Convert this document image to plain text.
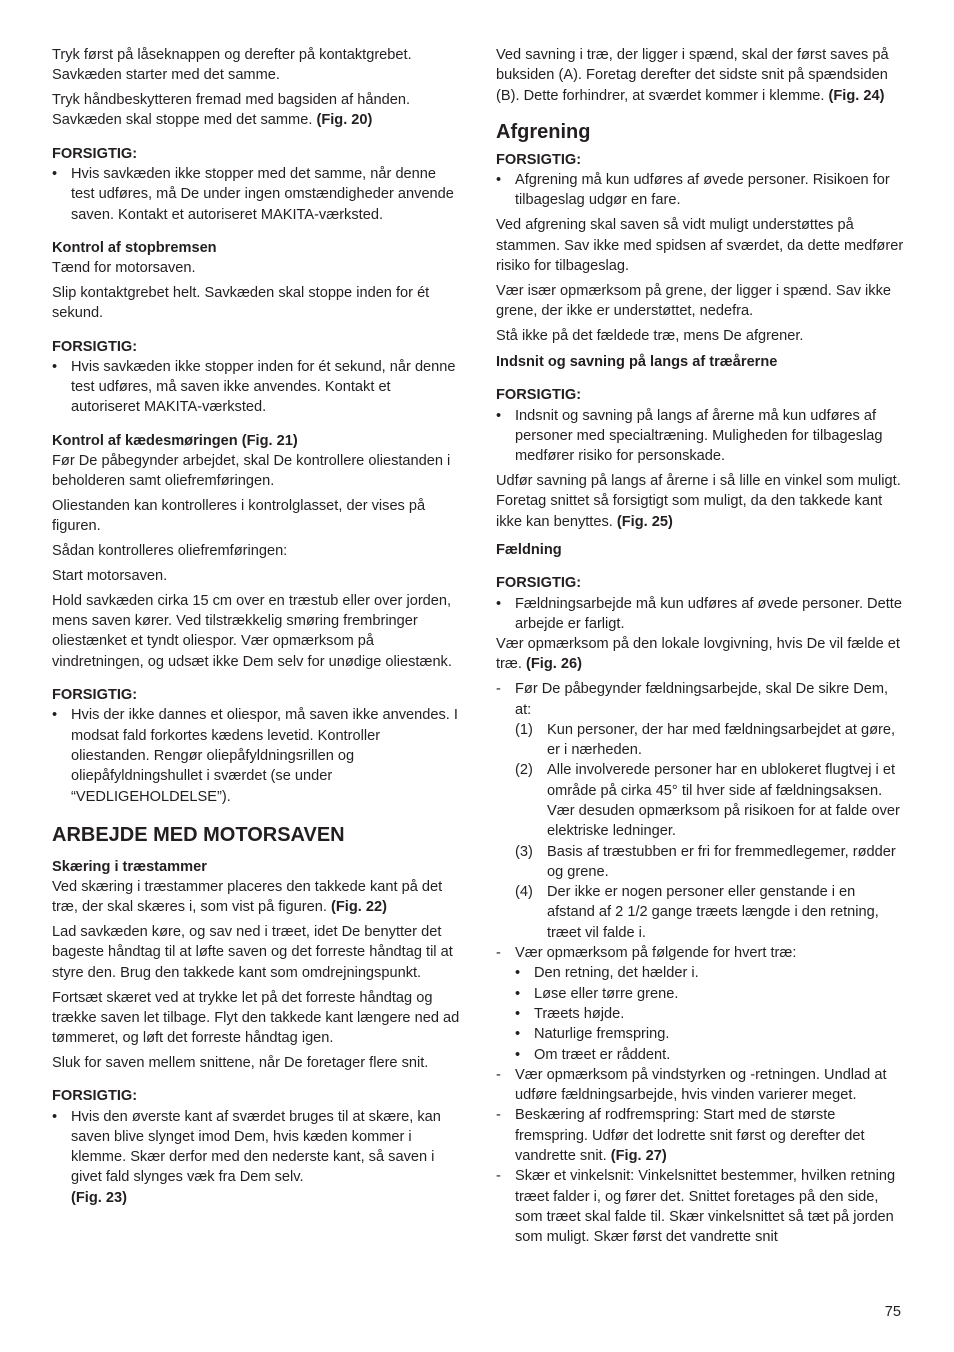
Tryk først på låseknappen og derefter på kontaktgrebet. Savkæden starter med det samme.

Tryk håndbeskytteren fremad med bagsiden af hånden. Savkæden skal stoppe med det samme. (Fig. 20)

FORSIGTIG:

• Hvis savkæden ikke stopper med det samme, når denne test udføres, må De under ingen omstændigheder anvende saven. Kontakt et autoriseret MAKITA-værksted.

Kontrol af stopbremsen

Tænd for motorsaven.

Slip kontaktgrebet helt. Savkæden skal stoppe inden for ét sekund.

FORSIGTIG:

• Hvis savkæden ikke stopper inden for ét sekund, når denne test udføres, må saven ikke anvendes. Kontakt et autoriseret MAKITA-værksted.

Kontrol af kædesmøringen (Fig. 21)

Før De påbegynder arbejdet, skal De kontrollere oliestanden i beholderen samt oliefremføringen.

Oliestanden kan kontrolleres i kontrolglasset, der vises på figuren.

Sådan kontrolleres oliefremføringen:

Start motorsaven.

Hold savkæden cirka 15 cm over en træstub eller over jorden, mens saven kører. Ved tilstrækkelig smøring frembringer oliestænket et tyndt oliespor. Vær opmærksom på vindretningen, og udsæt ikke Dem selv for unødige oliestænk.

FORSIGTIG:

• Hvis der ikke dannes et oliespor, må saven ikke anvendes. I modsat fald forkortes kædens levetid. Kontroller oliestanden. Rengør oliepåfyldningsrillen og oliepåfyldningshullet i sværdet (se under “VEDLIGEHOLDELSE”).

ARBEJDE MED MOTORSAVEN

Skæring i træstammer

Ved skæring i træstammer placeres den takkede kant på det træ, der skal skæres i, som vist på figuren. (Fig. 22)

Lad savkæden køre, og sav ned i træet, idet De benytter det bageste håndtag til at løfte saven og det forreste håndtag til at styre den. Brug den takkede kant som omdrejningspunkt.

Fortsæt skæret ved at trykke let på det forreste håndtag og trække saven let tilbage. Flyt den takkede kant længere ned ad tømmeret, og løft det forreste håndtag igen.

Sluk for saven mellem snittene, når De foretager flere snit.

FORSIGTIG:

• Hvis den øverste kant af sværdet bruges til at skære, kan saven blive slynget imod Dem, hvis kæden kommer i klemme. Skær derfor med den nederste kant, så saven i givet fald slynges væk fra Dem selv.
(Fig. 23)

Ved savning i træ, der ligger i spænd, skal der først saves på buksiden (A). Foretag derefter det sidste snit på spændsiden (B). Dette forhindrer, at sværdet kommer i klemme. (Fig. 24)

Afgrening

FORSIGTIG:

• Afgrening må kun udføres af øvede personer. Risikoen for tilbageslag udgør en fare.

Ved afgrening skal saven så vidt muligt understøttes på stammen. Sav ikke med spidsen af sværdet, da dette medfører risiko for tilbageslag.

Vær især opmærksom på grene, der ligger i spænd. Sav ikke grene, der ikke er understøttet, nedefra.

Stå ikke på det fældede træ, mens De afgrener.

Indsnit og savning på langs af træårerne

FORSIGTIG:

• Indsnit og savning på langs af årerne må kun udføres af personer med specialtræning. Muligheden for tilbageslag medfører risiko for personskade.

Udfør savning på langs af årerne i så lille en vinkel som muligt. Foretag snittet så forsigtigt som muligt, da den takkede kant ikke kan benyttes. (Fig. 25)

Fældning

FORSIGTIG:

• Fældningsarbejde må kun udføres af øvede personer. Dette arbejde er farligt.

Vær opmærksom på den lokale lovgivning, hvis De vil fælde et træ. (Fig. 26)

- Før De påbegynder fældningsarbejde, skal De sikre Dem, at:
(1) Kun personer, der har med fældningsarbejdet at gøre, er i nærheden.
(2) Alle involverede personer har en ublokeret flugtvej i et område på cirka 45° til hver side af fældningsaksen. Vær desuden opmærksom på risikoen for at falde over elektriske ledninger.
(3) Basis af træstubben er fri for fremmedlegemer, rødder og grene.
(4) Der ikke er nogen personer eller genstande i en afstand af 2 1/2 gange træets længde i den retning, træet vil falde i.
- Vær opmærksom på følgende for hvert træ:
• Den retning, det hælder i.
• Løse eller tørre grene.
• Træets højde.
• Naturlige fremspring.
• Om træet er råddent.
- Vær opmærksom på vindstyrken og -retningen. Undlad at udføre fældningsarbejde, hvis vinden varierer meget.
- Beskæring af rodfremspring: Start med de største fremspring. Udfør det lodrette snit først og derefter det vandrette snit. (Fig. 27)
- Skær et vinkelsnit: Vinkelsnittet bestemmer, hvilken retning træet falder i, og fører det. Snittet foretages på den side, som træet skal falde til. Skær vinkelsnittet så tæt på jorden som muligt. Skær først det vandrette snit
75
